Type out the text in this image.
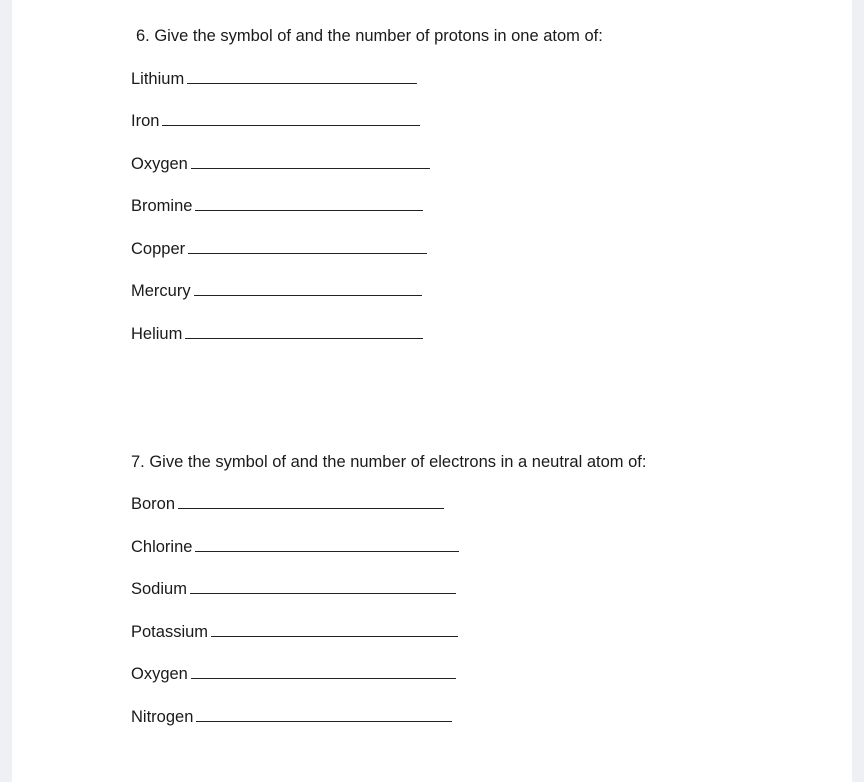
6. Give the symbol of and the number of protons in one atom of:
Lithium
Iron
Oxygen
Bromine
Copper
Mercury
Helium
7. Give the symbol of and the number of electrons in a neutral atom of:
Boron
Chlorine
Sodium
Potassium
Oxygen
Nitrogen
